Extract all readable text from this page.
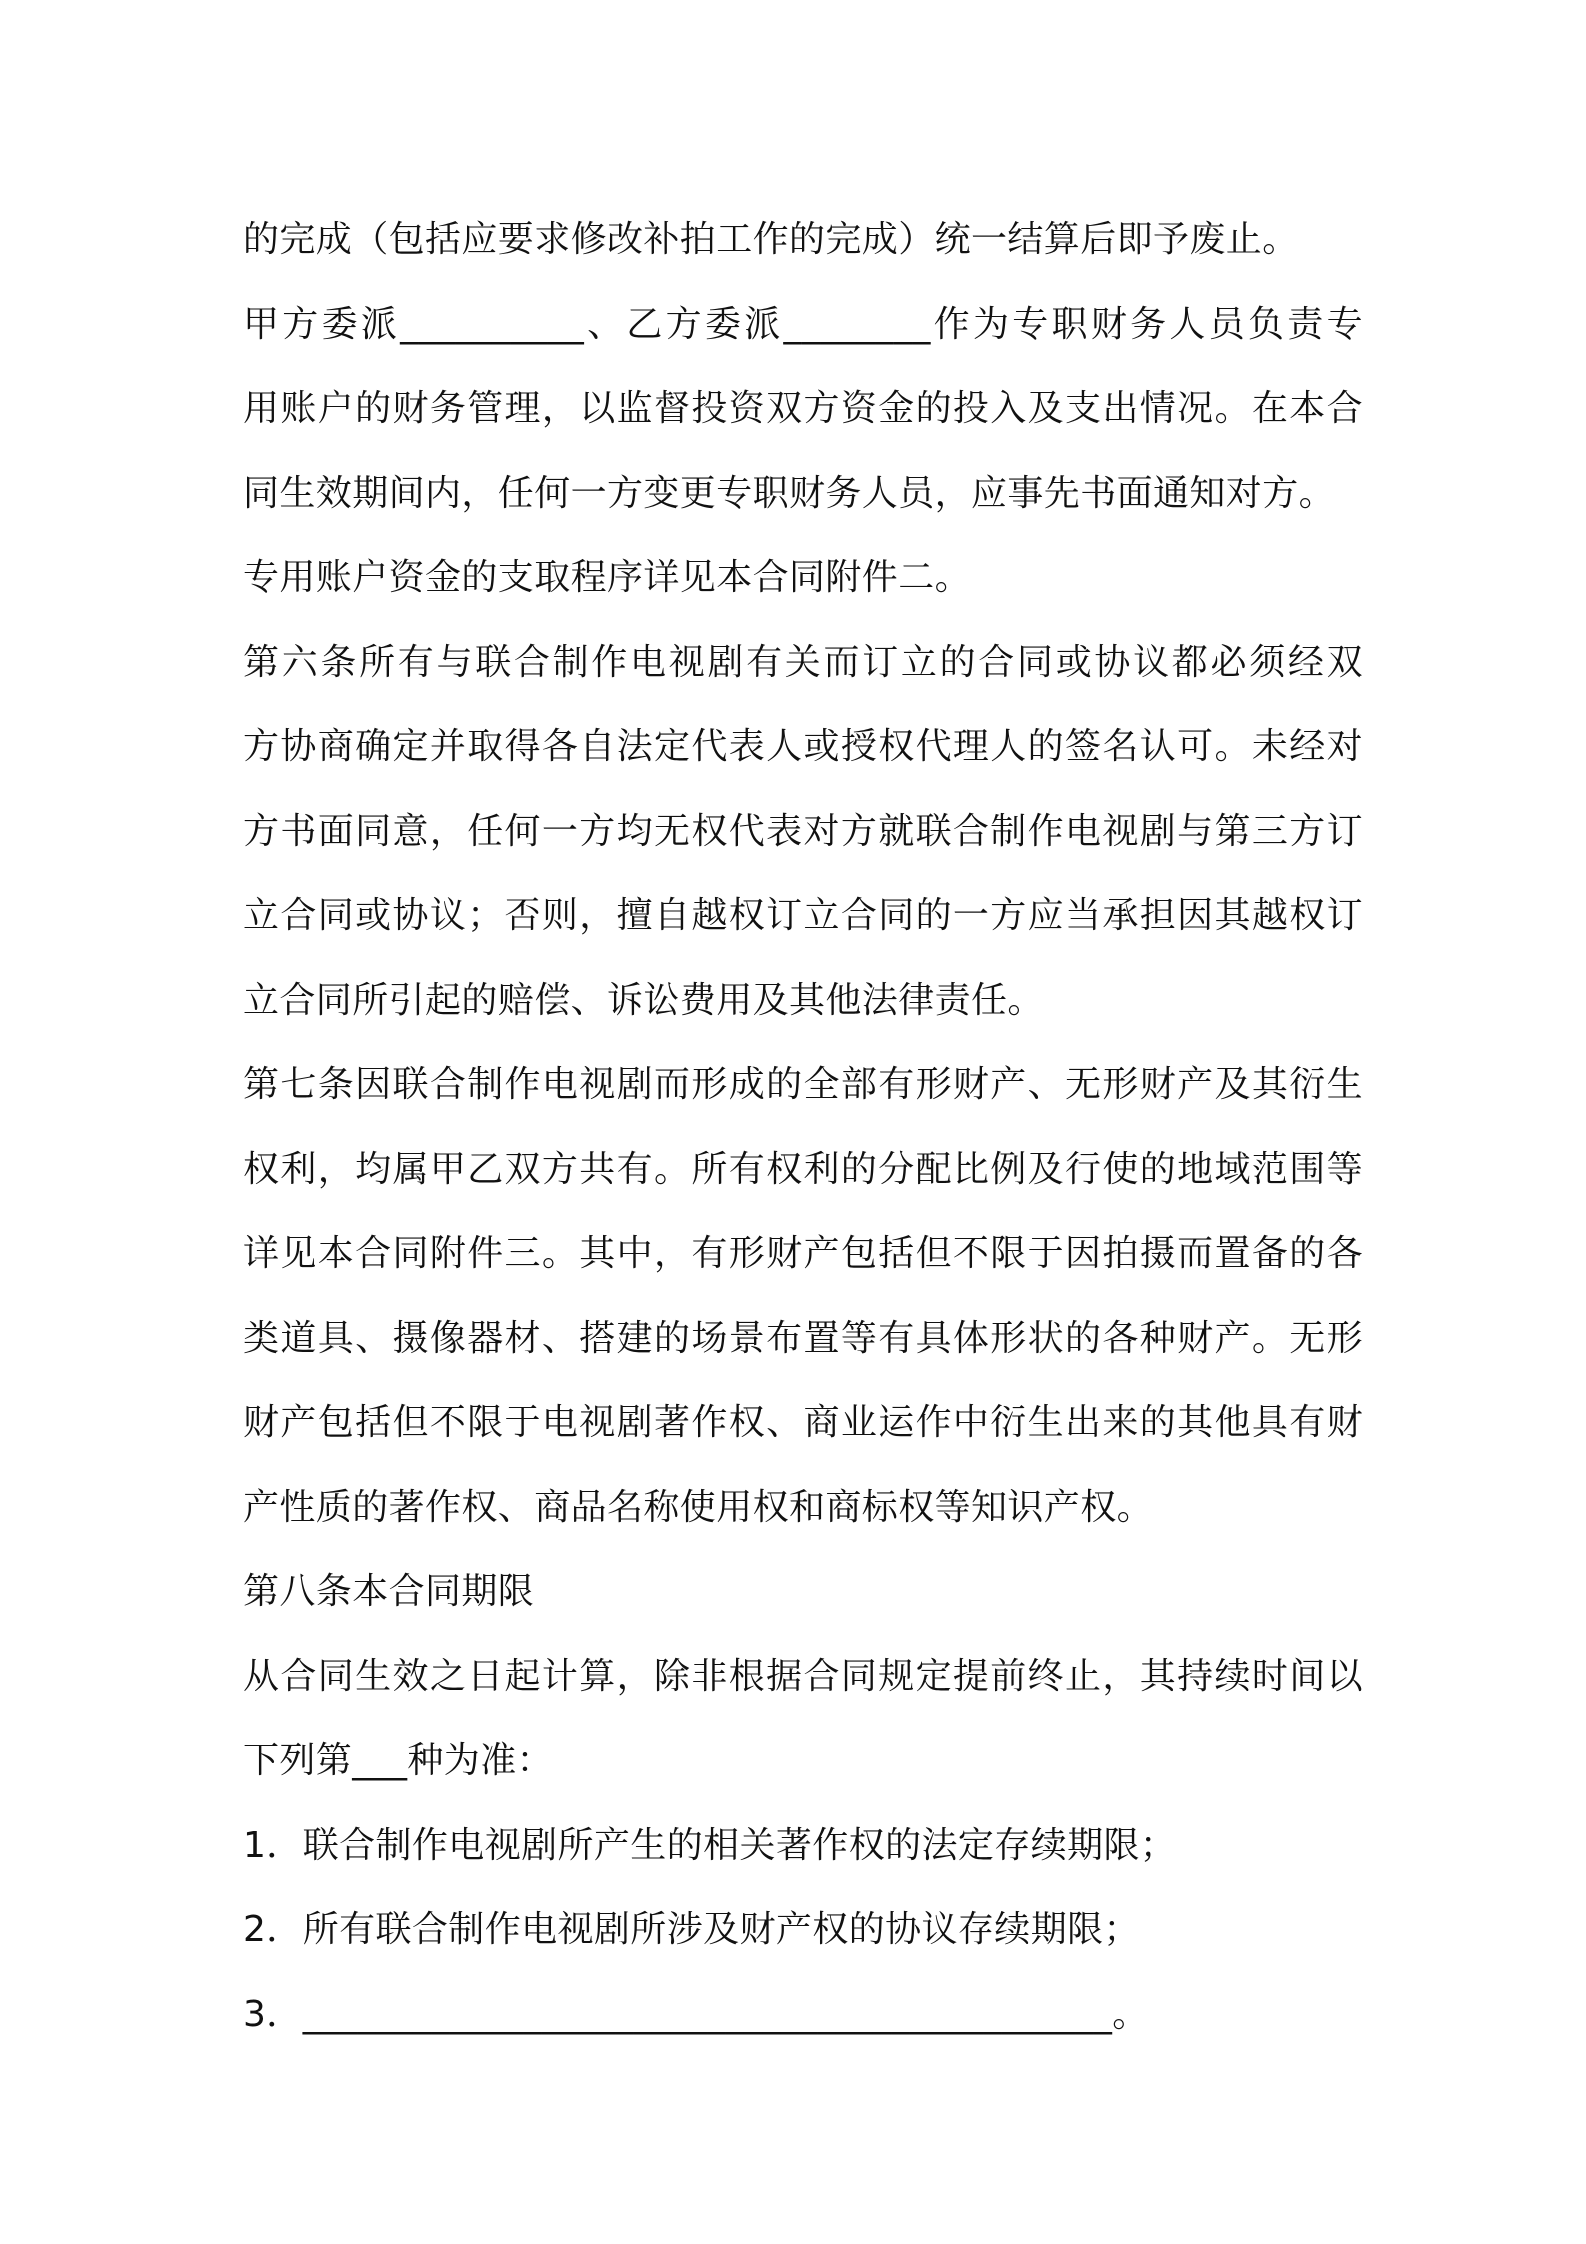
的完成（包括应要求修改补拍工作的完成）统一结算后即予废止。
甲方委派__________、乙方委派________作为专职财务人员负责专
用账户的财务管理，以监督投资双方资金的投入及支出情况。在本合
同生效期间内，任何一方变更专职财务人员，应事先书面通知对方。
专用账户资金的支取程序详见本合同附件二。
第六条所有与联合制作电视剧有关而订立的合同或协议都必须经双
方协商确定并取得各自法定代表人或授权代理人的签名认可。未经对
方书面同意，任何一方均无权代表对方就联合制作电视剧与第三方订
立合同或协议；否则，擅自越权订立合同的一方应当承担因其越权订
立合同所引起的赔偿、诉讼费用及其他法律责任。
第七条因联合制作电视剧而形成的全部有形财产、无形财产及其衍生
权利，均属甲乙双方共有。所有权利的分配比例及行使的地域范围等
详见本合同附件三。其中，有形财产包括但不限于因拍摄而置备的各
类道具、摄像器材、搭建的场景布置等有具体形状的各种财产。无形
财产包括但不限于电视剧著作权、商业运作中衍生出来的其他具有财
产性质的著作权、商品名称使用权和商标权等知识产权。
第八条本合同期限
从合同生效之日起计算，除非根据合同规定提前终止，其持续时间以
下列第___种为准：
1．联合制作电视剧所产生的相关著作权的法定存续期限；
2．所有联合制作电视剧所涉及财产权的协议存续期限；
3．____________________________________________。
